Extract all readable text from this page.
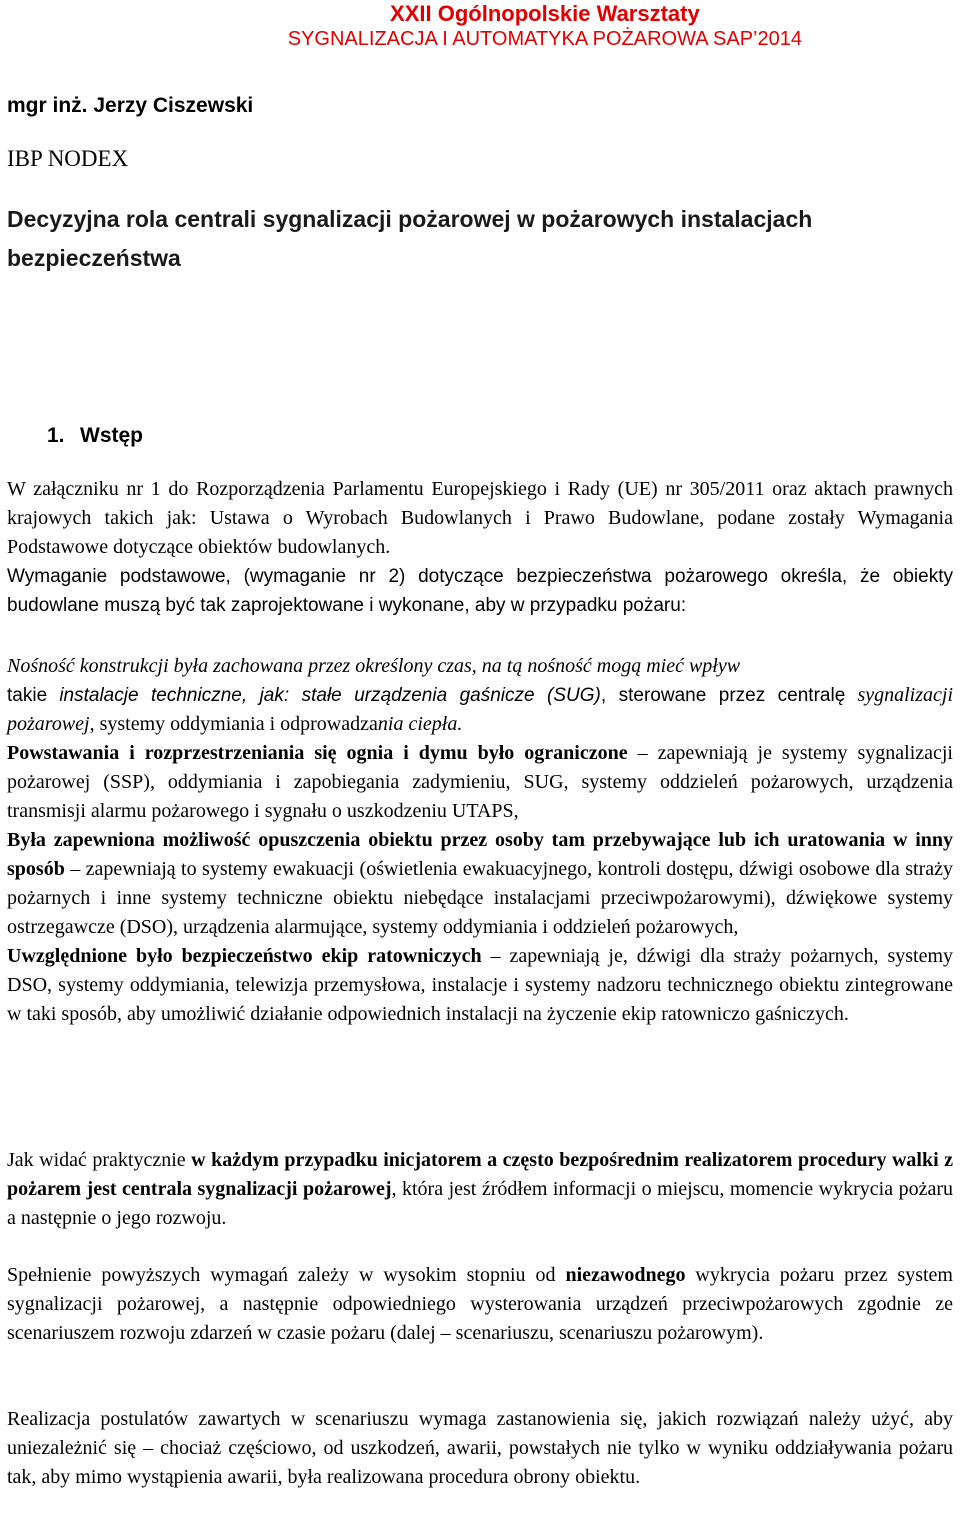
XXII Ogólnopolskie Warsztaty
SYGNALIZACJA I AUTOMATYKA POŻAROWA SAP’2014
mgr inż. Jerzy Ciszewski
IBP NODEX
Decyzyjna rola centrali sygnalizacji pożarowej w pożarowych instalacjach bezpieczeństwa
1. Wstęp

W załączniku nr 1 do Rozporządzenia Parlamentu Europejskiego i Rady (UE) nr 305/2011 oraz aktach prawnych krajowych takich jak: Ustawa o Wyrobach Budowlanych i Prawo Budowlane, podane zostały Wymagania Podstawowe dotyczące obiektów budowlanych.

Wymaganie podstawowe, (wymaganie nr 2) dotyczące bezpieczeństwa pożarowego określa, że obiekty budowlane muszą być tak zaprojektowane i wykonane, aby w przypadku pożaru:

Nośność konstrukcji była zachowana przez określony czas, na tą nośność mogą mieć wpływ
takie instalacje techniczne, jak: stałe urządzenia gaśnicze (SUG), sterowane przez centralę sygnalizacji pożarowej, systemy oddymiania i odprowadzania ciepła.

Powstawania i rozprzestrzeniania się ognia i dymu było ograniczone – zapewniają je systemy sygnalizacji pożarowej (SSP), oddymiania i zapobiegania zadymieniu, SUG, systemy oddzieleń pożarowych, urządzenia transmisji alarmu pożarowego i sygnału o uszkodzeniu UTAPS,

Była zapewniona możliwość opuszczenia obiektu przez osoby tam przebywające lub ich uratowania w inny sposób – zapewniają to systemy ewakuacji (oświetlenia ewakuacyjnego, kontroli dostępu, dźwigi osobowe dla straży pożarnych i inne systemy techniczne obiektu niebędące instalacjami przeciwpożarowymi), dźwiękowe systemy ostrzegawcze (DSO), urządzenia alarmujące, systemy oddymiania i oddzieleń pożarowych,

Uwzględnione było bezpieczeństwo ekip ratowniczych – zapewniają je, dźwigi dla straży pożarnych, systemy DSO, systemy oddymiania, telewizja przemysłowa, instalacje i systemy nadzoru technicznego obiektu zintegrowane w taki sposób, aby umożliwić działanie odpowiednich instalacji na życzenie ekip ratowniczo gaśniczych.

Jak widać praktycznie w każdym przypadku inicjatorem a często bezpośrednim realizatorem procedury walki z pożarem jest centrala sygnalizacji pożarowej, która jest źródłem informacji o miejscu, momencie wykrycia pożaru a następnie o jego rozwoju.

Spełnienie powyższych wymagań zależy w wysokim stopniu od niezawodnego wykrycia pożaru przez system sygnalizacji pożarowej, a następnie odpowiedniego wysterowania urządzeń przeciwpożarowych zgodnie ze scenariuszem rozwoju zdarzeń w czasie pożaru (dalej – scenariuszu, scenariuszu pożarowym).

Realizacja postulatów zawartych w scenariuszu wymaga zastanowienia się, jakich rozwiązań należy użyć, aby uniezależnić się – chociaż częściowo, od uszkodzeń, awarii, powstałych nie tylko w wyniku oddziaływania pożaru tak, aby mimo wystąpienia awarii, była realizowana procedura obrony obiektu.
